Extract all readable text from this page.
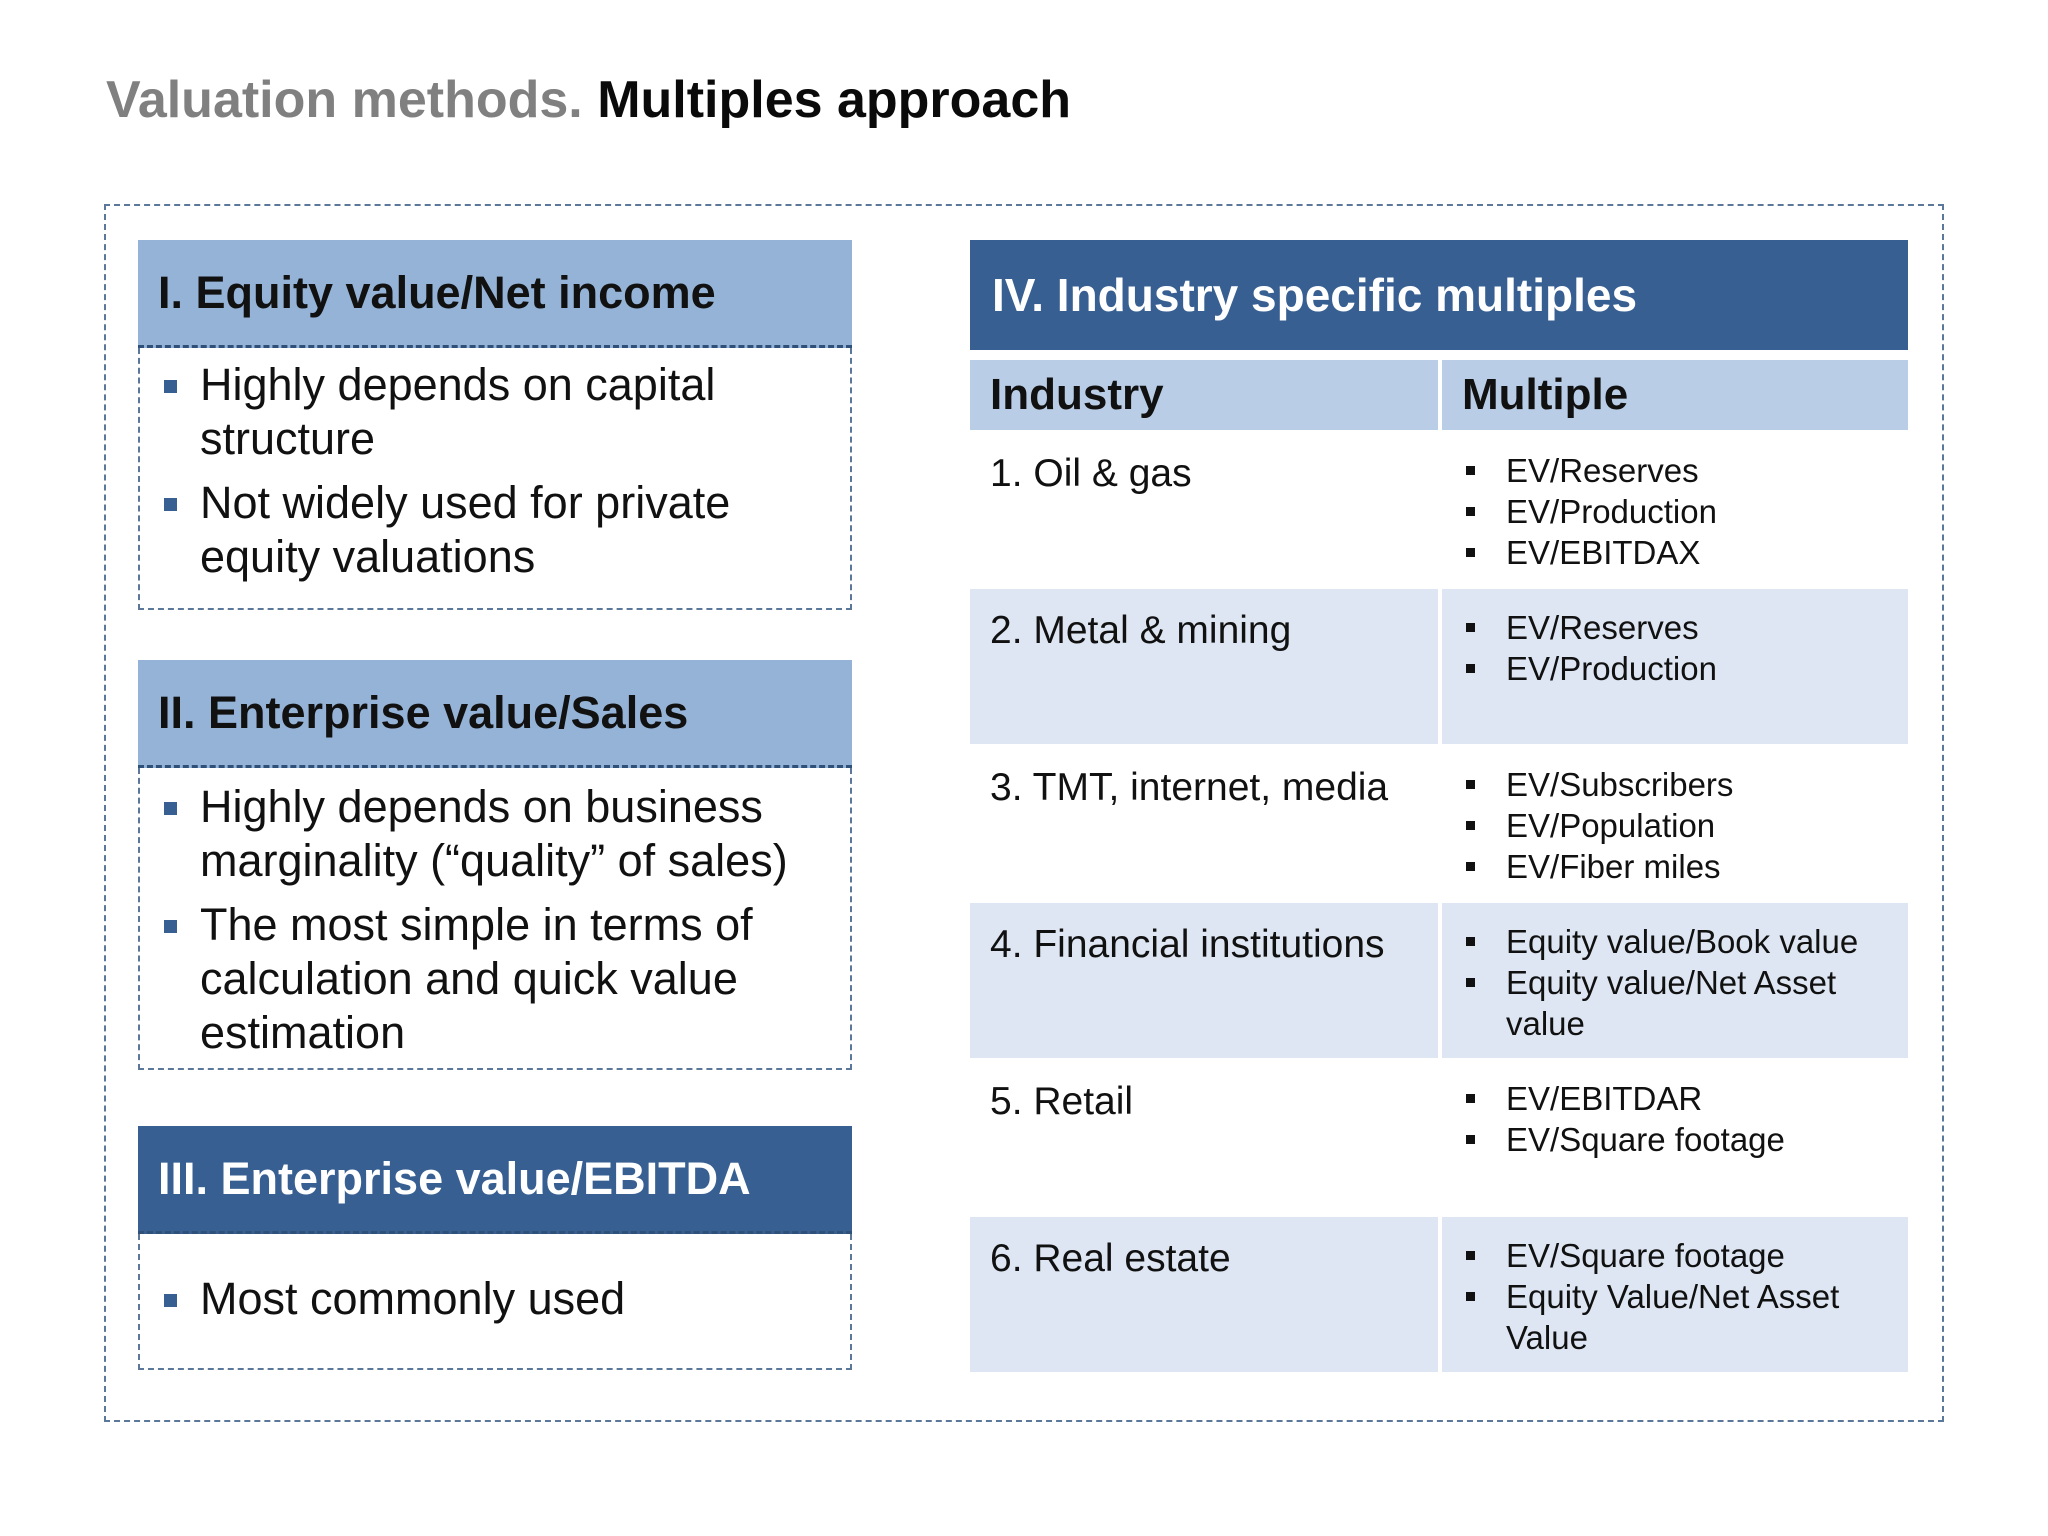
Valuation methods. Multiples approach
I. Equity value/Net income
Highly depends on capital structure
Not widely used for private equity valuations
II. Enterprise value/Sales
Highly depends on business marginality (“quality” of sales)
The most simple in terms of calculation and quick value estimation
III. Enterprise value/EBITDA
Most commonly used
IV. Industry specific multiples
Industry	Multiple
1. Oil & gas	EV/Reserves
EV/Production
EV/EBITDAX
2. Metal & mining	EV/Reserves
EV/Production
3. TMT, internet, media	EV/Subscribers
EV/Population
EV/Fiber miles
4. Financial institutions	Equity value/Book value
Equity value/Net Asset value
5. Retail	EV/EBITDAR
EV/Square footage
6. Real estate	EV/Square footage
Equity Value/Net Asset Value
